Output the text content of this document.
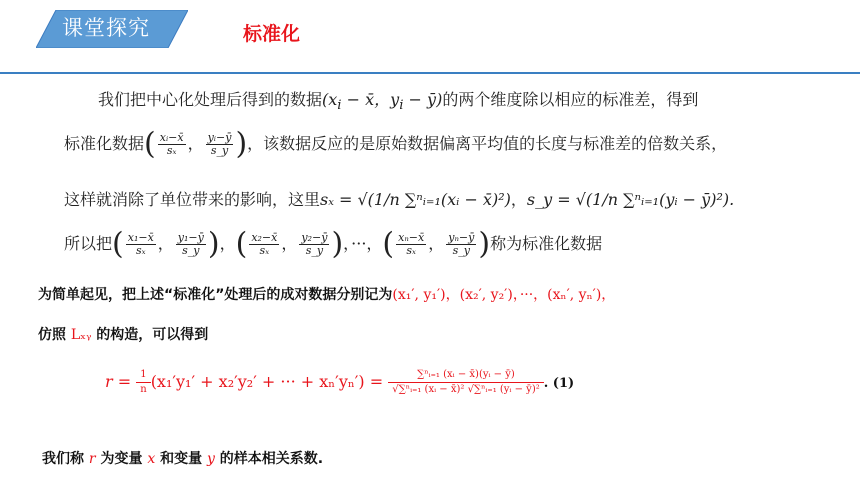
课堂探究	标准化
我们把中心化处理后得到的数据($x_i$ − x̄，$y_i$ − ȳ)的两个维度除以相应的标准差，得到
标准化数据( $\frac{\text{xᵢ−x̄}}{\text{sₓ}}$ ， $\frac{\text{yᵢ−ȳ}}{s\_y}$ )，该数据反应的是原始数据偏离平均值的长度与标准差的倍数关系，
这样就消除了单位带来的影响，这里sₓ = √(1/n ∑ⁿᵢ₌₁(xᵢ − x̄)²)，s_y = √(1/n ∑ⁿᵢ₌₁(yᵢ − ȳ)²).
所以把( $\frac{\text{x₁−x̄}}{\text{sₓ}}$ ， $\frac{\text{y₁−ȳ}}{s\_y}$ )，( $\frac{\text{x₂−x̄}}{\text{sₓ}}$ ， $\frac{\text{y₂−ȳ}}{s\_y}$ )，···，( $\frac{\text{xₙ−x̄}}{\text{sₓ}}$ ， $\frac{\text{yₙ−ȳ}}{s\_y}$ )称为标准化数据
为简单起见，把上述“标准化”处理后的成对数据分别记为(x₁′, y₁′)，(x₂′, y₂′)，···，(xₙ′, yₙ′)，
仿照 Lₓᵧ 的构造，可以得到
$r = \frac{1}{n} (x_1'y_1' + x_2'y_2'$ + ··· + $x_n'y_n') = \frac{\text{∑ⁿᵢ₌₁ (xᵢ − x̄)(yᵢ − ȳ)}}{\text{√∑ⁿᵢ₌₁ (xᵢ − x̄)² √∑ⁿᵢ₌₁ (yᵢ − ȳ)²}}$ . (1)
我们称 r 为变量 x 和变量 y 的样本相关系数.
